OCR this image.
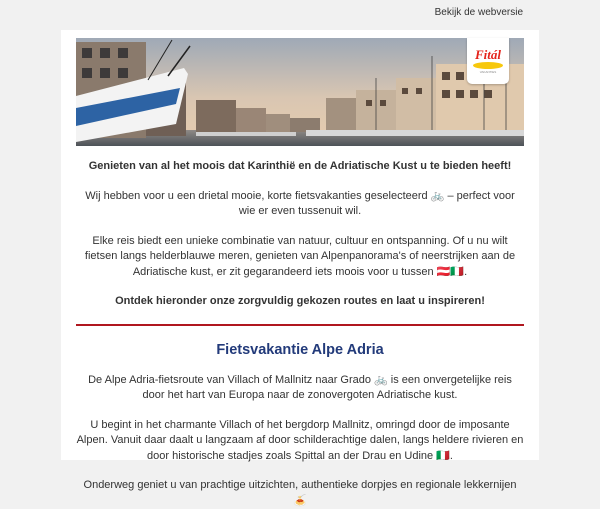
Bekijk de webversie
Fitál
VAKANTIES

Genieten van al het moois dat Karinthië en de Adriatische Kust u te bieden heeft!

Wij hebben voor u een drietal mooie, korte fietsvakanties geselecteerd 🚲 – perfect voor wie er even tussenuit wil.

Elke reis biedt een unieke combinatie van natuur, cultuur en ontspanning. Of u nu wilt fietsen langs helderblauwe meren, genieten van Alpenpanorama's of neerstrijken aan de Adriatische kust, er zit gegarandeerd iets moois voor u tussen 🇦🇹🇮🇹.

Ontdek hieronder onze zorgvuldig gekozen routes en laat u inspireren!

Fietsvakantie Alpe Adria

De Alpe Adria-fietsroute van Villach of Mallnitz naar Grado 🚲 is een onvergetelijke reis door het hart van Europa naar de zonovergoten Adriatische kust.

U begint in het charmante Villach of het bergdorp Mallnitz, omringd door de imposante Alpen. Vanuit daar daalt u langzaam af door schilderachtige dalen, langs heldere rivieren en door historische stadjes zoals Spittal an der Drau en Udine 🇮🇹.

Onderweg geniet u van prachtige uitzichten, authentieke dorpjes en regionale lekkernijen 🍝
